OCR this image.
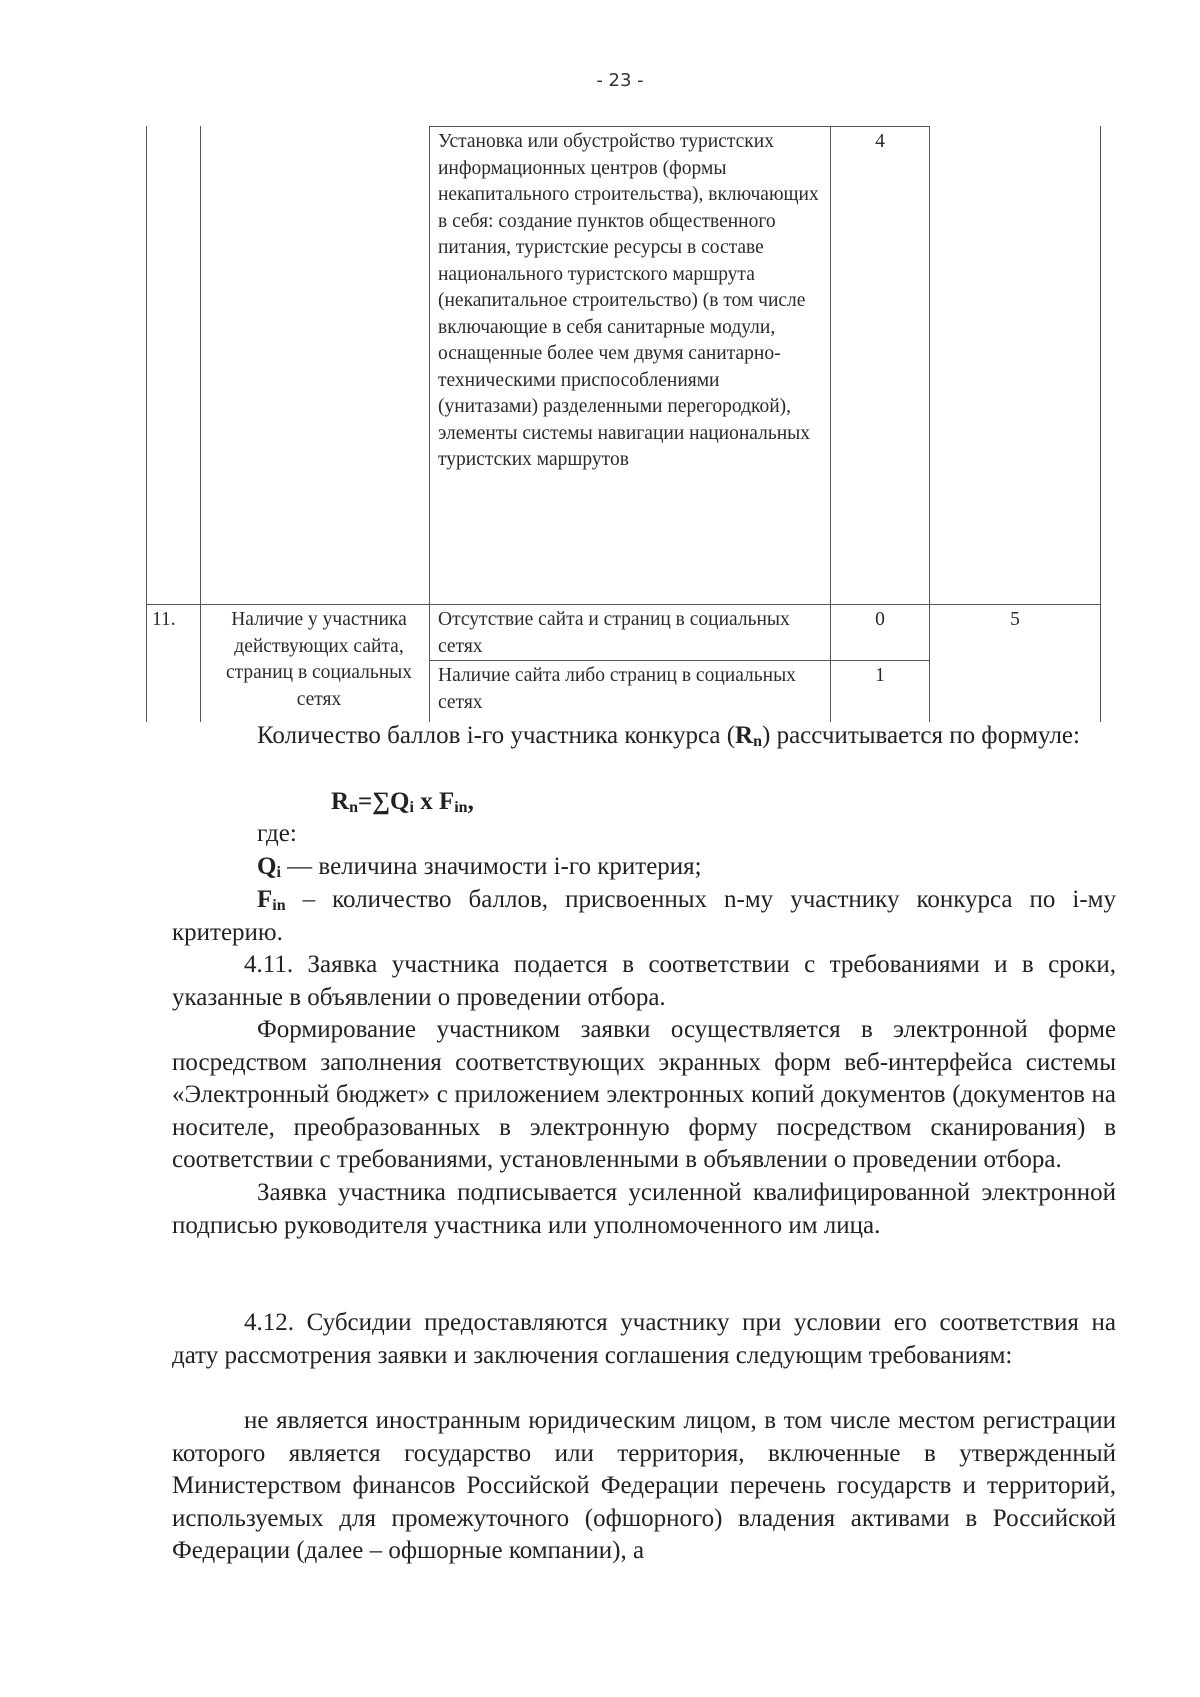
- 23 -
Установка или обустройство туристских информационных центров (формы некапитального строительства), включающих в себя: создание пунктов общественного питания, туристские ресурсы в составе национального туристского маршрута (некапитальное строительство) (в том числе включающие в себя санитарные модули, оснащенные более чем двумя санитарно-техническими приспособлениями (унитазами) разделенными перегородкой), элементы системы навигации национальных туристских маршрутов
4
11.	Наличие у участника действующих сайта, страниц в социальных сетях
Отсутствие сайта и страниц в социальных сетях
0
Наличие сайта либо страниц в социальных сетях
1
5
Количество баллов i-го участника конкурса $(R_n)$ рассчитывается по формуле:
$R_n=\sum Q_i$ x $F_{in}$,
где:
$Q_i$ — величина значимости i-го критерия;
$F_{in}$ – количество баллов, присвоенных n-му участнику конкурса по i-му критерию.
4.11. Заявка участника подается в соответствии с требованиями и в сроки, указанные в объявлении о проведении отбора.
Формирование участником заявки осуществляется в электронной форме посредством заполнения соответствующих экранных форм веб-интерфейса системы «Электронный бюджет» с приложением электронных копий документов (документов на носителе, преобразованных в электронную форму посредством сканирования) в соответствии с требованиями, установленными в объявлении о проведении отбора.
Заявка участника подписывается усиленной квалифицированной электронной подписью руководителя участника или уполномоченного им лица.
4.12. Субсидии предоставляются участнику при условии его соответствия на дату рассмотрения заявки и заключения соглашения следующим требованиям:
не является иностранным юридическим лицом, в том числе местом регистрации которого является государство или территория, включенные в утвержденный Министерством финансов Российской Федерации перечень государств и территорий, используемых для промежуточного (офшорного) владения активами в Российской Федерации (далее – офшорные компании), а
